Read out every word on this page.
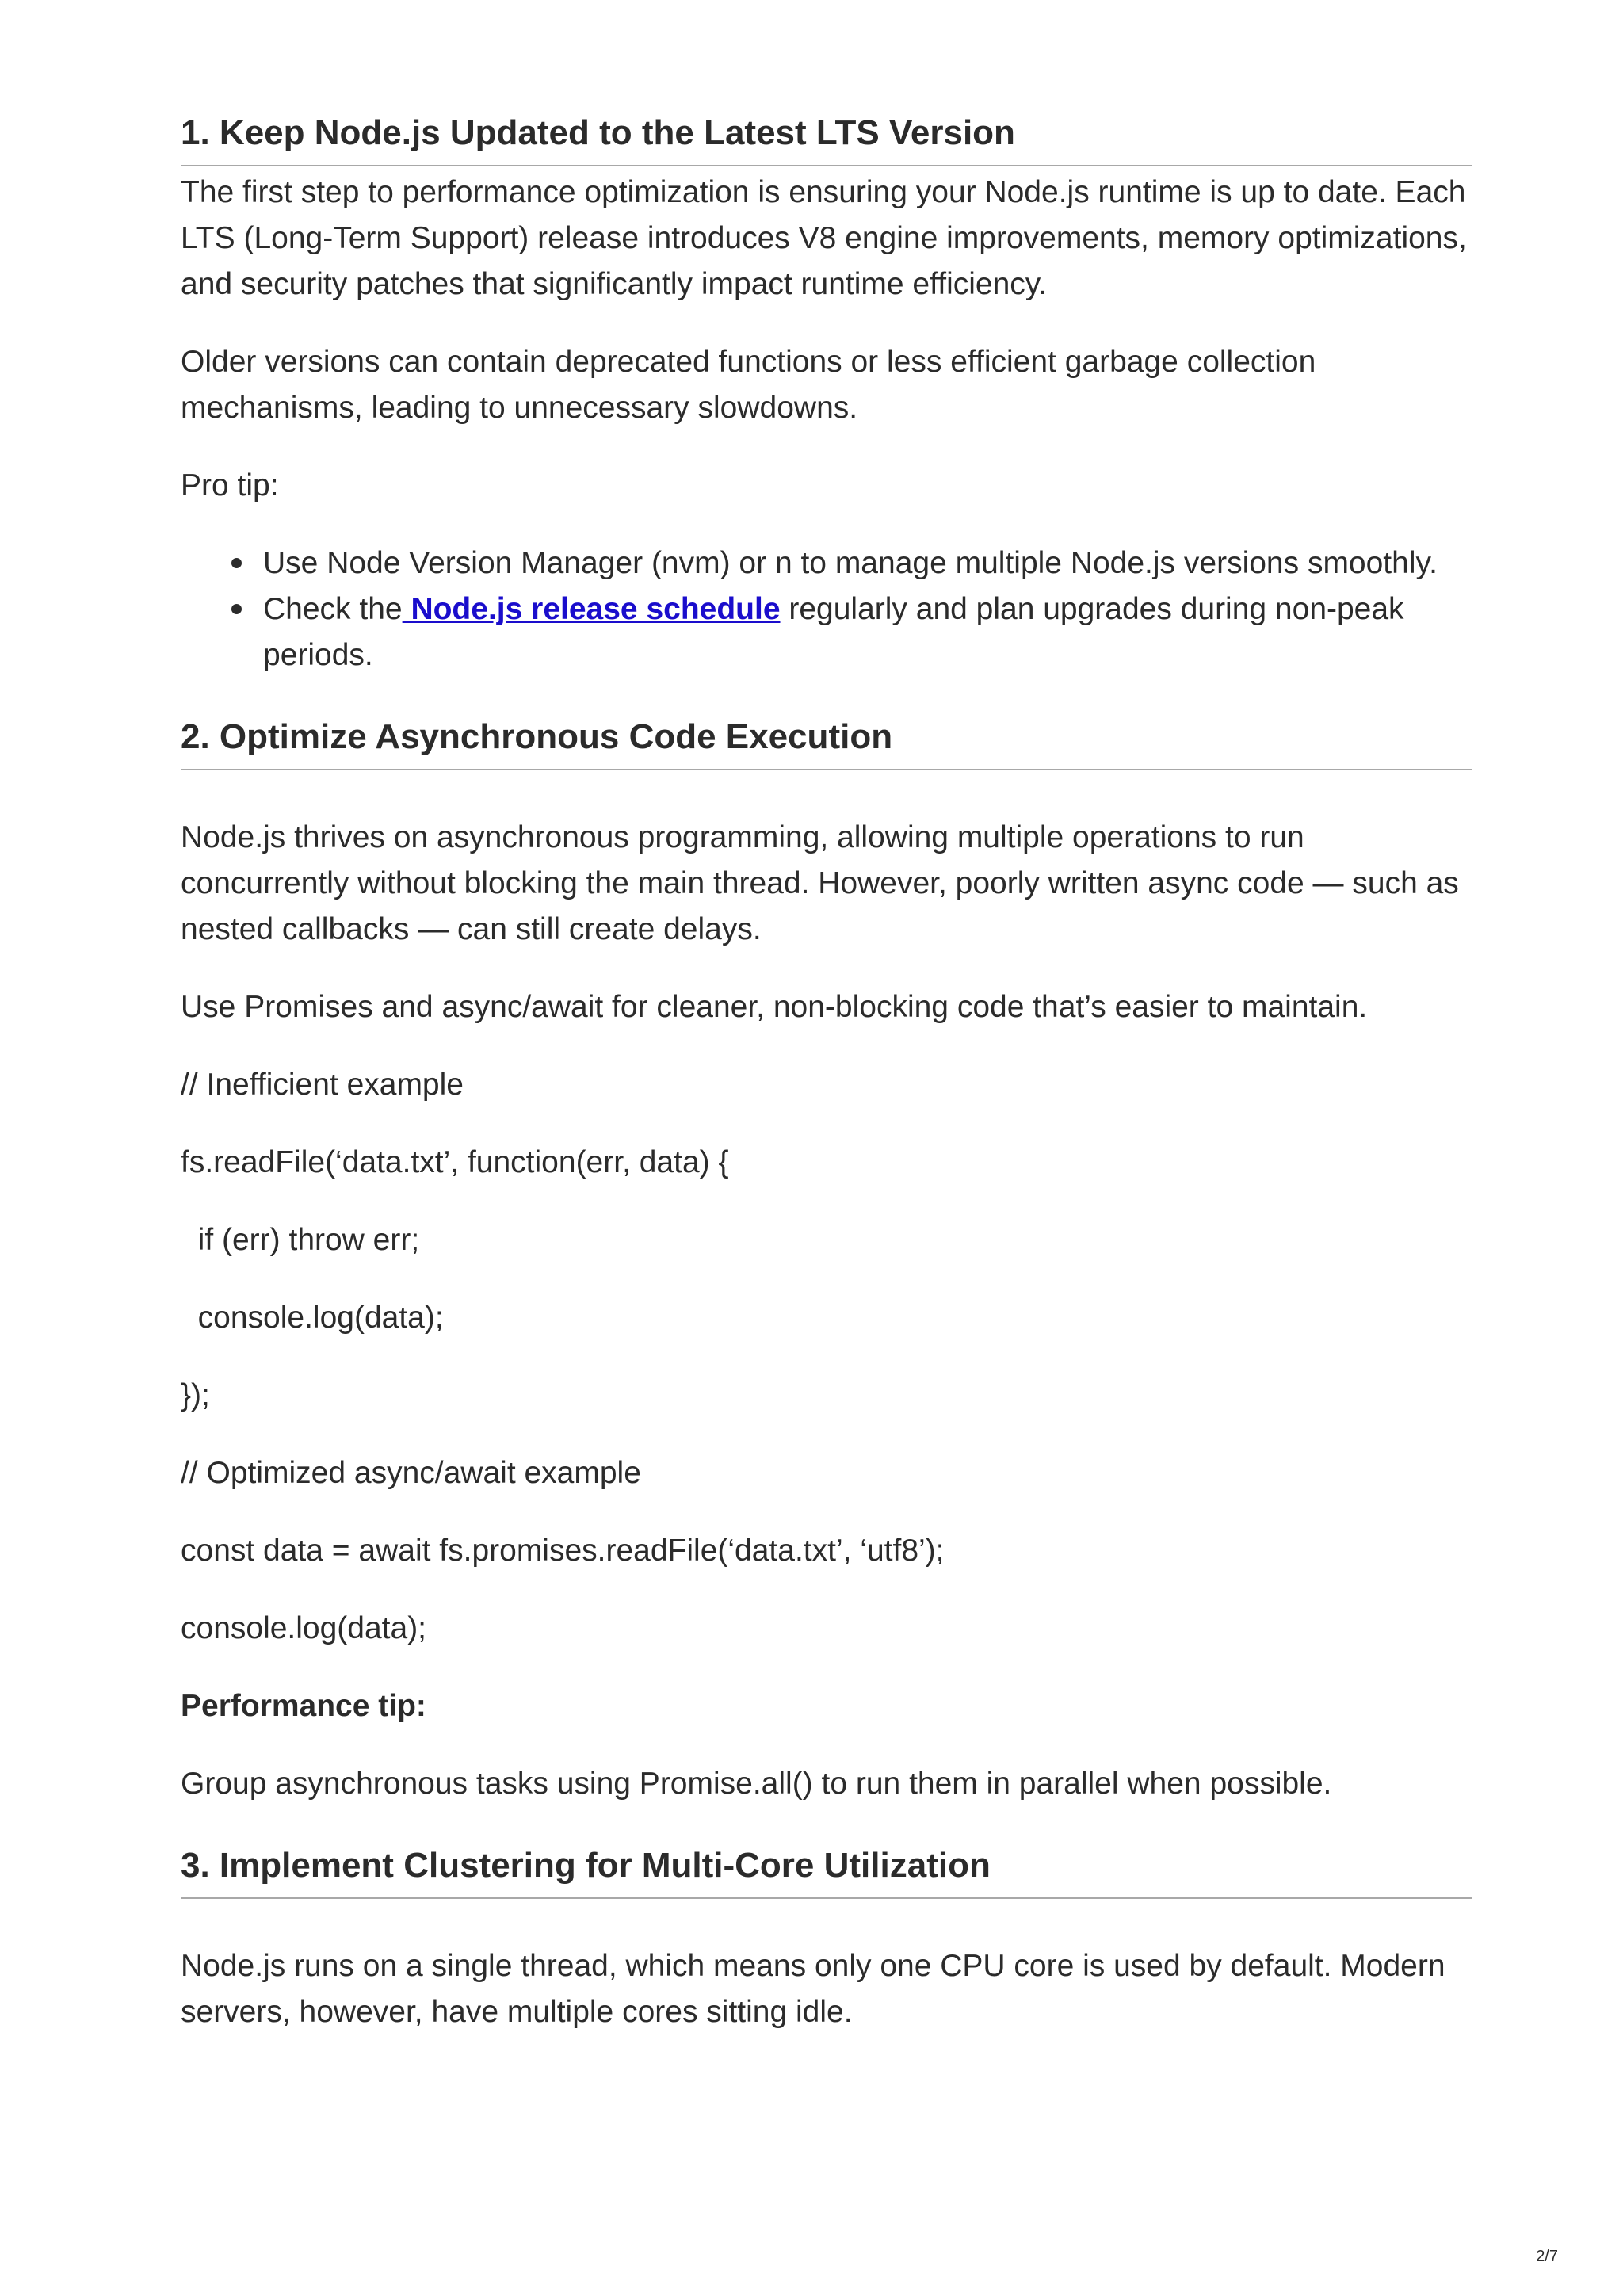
1. Keep Node.js Updated to the Latest LTS Version

The first step to performance optimization is ensuring your Node.js runtime is up to date. Each LTS (Long-Term Support) release introduces V8 engine improvements, memory optimizations, and security patches that significantly impact runtime efficiency.

Older versions can contain deprecated functions or less efficient garbage collection mechanisms, leading to unnecessary slowdowns.

Pro tip:

Use Node Version Manager (nvm) or n to manage multiple Node.js versions smoothly.
Check the Node.js release schedule regularly and plan upgrades during non-peak periods.
2. Optimize Asynchronous Code Execution

Node.js thrives on asynchronous programming, allowing multiple operations to run concurrently without blocking the main thread. However, poorly written async code — such as nested callbacks — can still create delays.

Use Promises and async/await for cleaner, non-blocking code that’s easier to maintain.

// Inefficient example

fs.readFile(‘data.txt’, function(err, data) {

if (err) throw err;

console.log(data);

});

// Optimized async/await example

const data = await fs.promises.readFile(‘data.txt’, ‘utf8’);

console.log(data);

Performance tip:

Group asynchronous tasks using Promise.all() to run them in parallel when possible.

3. Implement Clustering for Multi-Core Utilization

Node.js runs on a single thread, which means only one CPU core is used by default. Modern servers, however, have multiple cores sitting idle.

2/7
